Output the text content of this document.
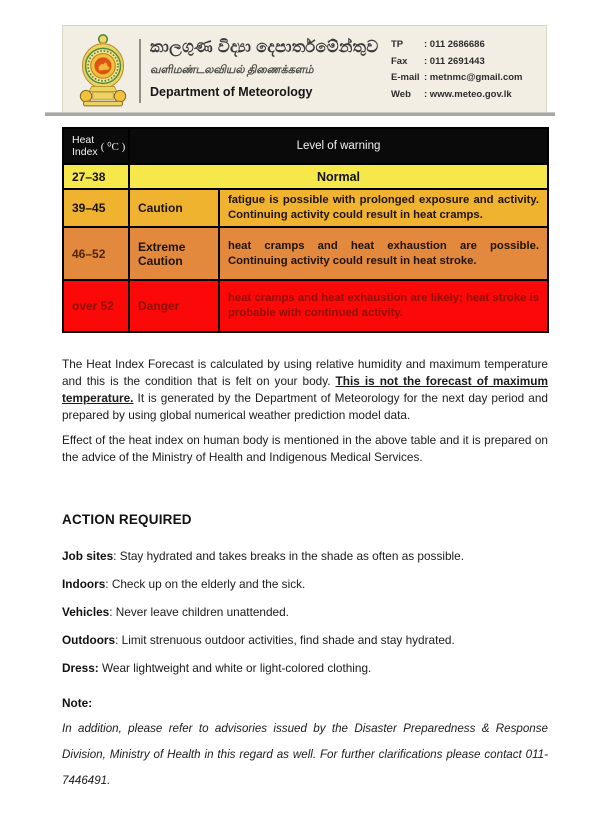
කාලගුණ විද්‍යා දෙපාර්තමේන්තුව
வளிமண்டலவியல் திணைக்களம்
Department of Meteorology
TP	: 011 2686686
Fax	: 011 2691443
E-mail : metnmc@gmail.com
Web	: www.meteo.gov.lk
Heat
Index ( ⁰C )	Level of warning	
27–38	Normal	
39–45	Caution	fatigue is possible with prolonged exposure and activity. Continuing activity could result in heat cramps.
46–52	Extreme Caution	heat cramps and heat exhaustion are possible. Continuing activity could result in heat stroke.
over 52	Danger	heat cramps and heat exhaustion are likely; heat stroke is probable with continued activity.
The Heat Index Forecast is calculated by using relative humidity and maximum temperature and this is the condition that is felt on your body. This is not the forecast of maximum temperature. It is generated by the Department of Meteorology for the next day period and prepared by using global numerical weather prediction model data.
Effect of the heat index on human body is mentioned in the above table and it is prepared on the advice of the Ministry of Health and Indigenous Medical Services.
ACTION REQUIRED
Job sites: Stay hydrated and takes breaks in the shade as often as possible.
Indoors: Check up on the elderly and the sick.
Vehicles: Never leave children unattended.
Outdoors: Limit strenuous outdoor activities, find shade and stay hydrated.
Dress: Wear lightweight and white or light-colored clothing.
Note:
In addition, please refer to advisories issued by the Disaster Preparedness & Response Division, Ministry of Health in this regard as well. For further clarifications please contact 011-7446491.
